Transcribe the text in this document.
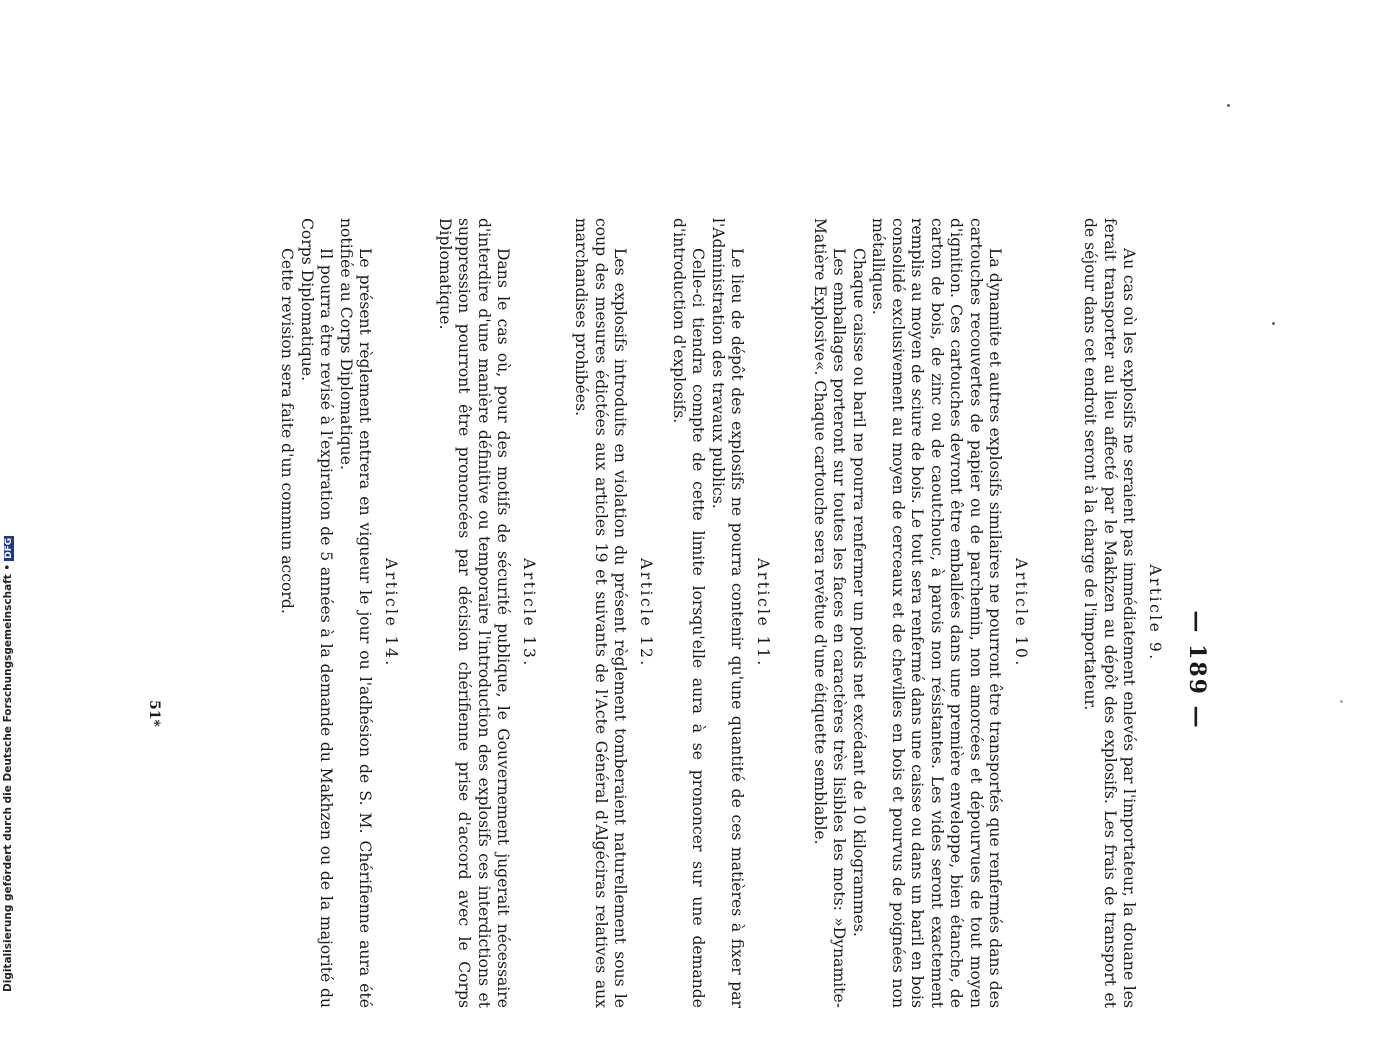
— 189 —
Article 9.

Au cas où les explosifs ne seraient pas immédiatement enlevés par l'importateur, la douane les ferait transporter au lieu affecté par le Makhzen au dépôt des explosifs. Les frais de transport et de séjour dans cet endroit seront à la charge de l'importateur.

Article 10.

La dynamite et autres explosifs similaires ne pourront être transportés que renfermés dans des cartouches recouvertes de papier ou de parchemin, non amorcées et dépourvues de tout moyen d'ignition. Ces cartouches devront être emballées dans une première enveloppe, bien étanche, de carton de bois, de zinc ou de caoutchouc, à parois non résistantes. Les vides seront exactement remplis au moyen de sciure de bois. Le tout sera renfermé dans une caisse ou dans un baril en bois consolidé exclusivement au moyen de cerceaux et de chevilles en bois et pourvus de poignées non métalliques.

Chaque caisse ou baril ne pourra renfermer un poids net excédant de 10 kilogrammes.

Les emballages porteront sur toutes les faces en caractères très lisibles les mots: »Dynamite-Matière Explosive«. Chaque cartouche sera revêtue d'une étiquette semblable.

Article 11.

Le lieu de dépôt des explosifs ne pourra contenir qu'une quantité de ces matières à fixer par l'Administration des travaux publics.

Celle-ci tiendra compte de cette limite lorsqu'elle aura à se prononcer sur une demande d'introduction d'explosifs.

Article 12.

Les explosifs introduits en violation du présent règlement tomberaient naturellement sous le coup des mesures édictées aux articles 19 et suivants de l'Acte Général d'Algéciras relatives aux marchandises prohibées.

Article 13.

Dans le cas où, pour des motifs de sécurité publique, le Gouvernement jugerait nécessaire d'interdire d'une manière définitive ou temporaire l'introduction des explosifs ces interdictions et suppression pourront être prononcées par décision chérifienne prise d'accord avec le Corps Diplomatique.

Article 14.

Le présent règlement entrera en vigueur le jour ou l'adhésion de S. M. Chérifienne aura été notifiée au Corps Diplomatique.

Il pourra être revisé à l'expiration de 5 années à la demande du Makhzen ou de la majorité du Corps Diplomatique.

Cette revision sera faite d'un commun accord.

Digitalisierung gefördert durch die Deutsche Forschungsgemeinschaft •DFG
51*
